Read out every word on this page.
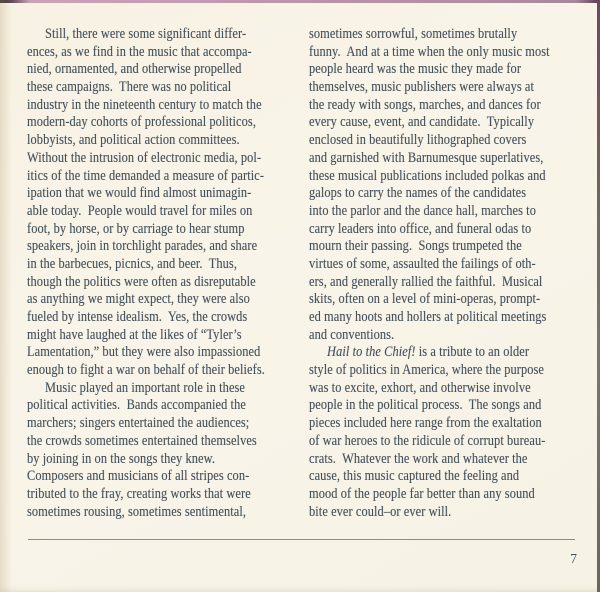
Still, there were some significant differ-
ences, as we find in the music that accompa-
nied, ornamented, and otherwise propelled
these campaigns.  There was no political
industry in the nineteenth century to match the
modern-day cohorts of professional politicos,
lobbyists, and political action committees.
Without the intrusion of electronic media, pol-
itics of the time demanded a measure of partic-
ipation that we would find almost unimagin-
able today.  People would travel for miles on
foot, by horse, or by carriage to hear stump
speakers, join in torchlight parades, and share
in the barbecues, picnics, and beer.  Thus,
though the politics were often as disreputable
as anything we might expect, they were also
fueled by intense idealism.  Yes, the crowds
might have laughed at the likes of “Tyler’s
Lamentation,” but they were also impassioned
enough to fight a war on behalf of their beliefs.
Music played an important role in these
political activities.  Bands accompanied the
marchers; singers entertained the audiences;
the crowds sometimes entertained themselves
by joining in on the songs they knew.
Composers and musicians of all stripes con-
tributed to the fray, creating works that were
sometimes rousing, sometimes sentimental,
sometimes sorrowful, sometimes brutally
funny.  And at a time when the only music most
people heard was the music they made for
themselves, music publishers were always at
the ready with songs, marches, and dances for
every cause, event, and candidate.  Typically
enclosed in beautifully lithographed covers
and garnished with Barnumesque superlatives,
these musical publications included polkas and
galops to carry the names of the candidates
into the parlor and the dance hall, marches to
carry leaders into office, and funeral odas to
mourn their passing.  Songs trumpeted the
virtues of some, assaulted the failings of oth-
ers, and generally rallied the faithful.  Musical
skits, often on a level of mini-operas, prompt-
ed many hoots and hollers at political meetings
and conventions.
Hail to the Chief! is a tribute to an older
style of politics in America, where the purpose
was to excite, exhort, and otherwise involve
people in the political process.  The songs and
pieces included here range from the exaltation
of war heroes to the ridicule of corrupt bureau-
crats.  Whatever the work and whatever the
cause, this music captured the feeling and
mood of the people far better than any sound
bite ever could–or ever will.
7
